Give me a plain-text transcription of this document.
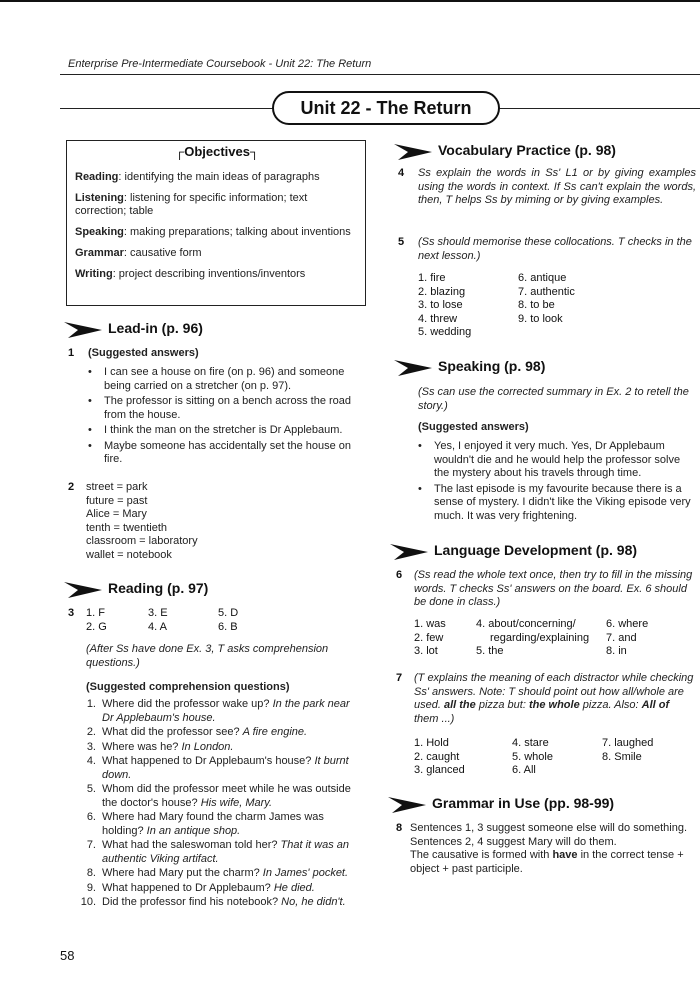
Enterprise Pre-Intermediate Coursebook - Unit 22: The Return
Unit 22 - The Return
┌Objectives┐
Reading: identifying the main ideas of paragraphs
Listening: listening for specific information; text correction; table
Speaking: making preparations; talking about inventions
Grammar: causative form
Writing: project describing inventions/inventors
Lead-in (p. 96)
1 (Suggested answers)
• I can see a house on fire (on p. 96) and someone being carried on a stretcher (on p. 97).
• The professor is sitting on a bench across the road from the house.
• I think the man on the stretcher is Dr Applebaum.
• Maybe someone has accidentally set the house on fire.
2 street = park
future = past
Alice = Mary
tenth = twentieth
classroom = laboratory
wallet = notebook
Reading (p. 97)
3 1. F	3. E	5. D
2. G	4. A	6. B
(After Ss have done Ex. 3, T asks comprehension questions.)
(Suggested comprehension questions)
1. Where did the professor wake up? In the park near Dr Applebaum's house.
2. What did the professor see? A fire engine.
3. Where was he? In London.
4. What happened to Dr Applebaum's house? It burnt down.
5. Whom did the professor meet while he was outside the doctor's house? His wife, Mary.
6. Where had Mary found the charm James was holding? In an antique shop.
7. What had the saleswoman told her? That it was an authentic Viking artifact.
8. Where had Mary put the charm? In James' pocket.
9. What happened to Dr Applebaum? He died.
10. Did the professor find his notebook? No, he didn't.
Vocabulary Practice (p. 98)
4 Ss explain the words in Ss' L1 or by giving examples using the words in context. If Ss can't explain the words, then, T helps Ss by miming or by giving examples.
5 (Ss should memorise these collocations. T checks in the next lesson.)
1. fire	6. antique
2. blazing	7. authentic
3. to lose	8. to be
4. threw	9. to look
5. wedding
Speaking (p. 98)
(Ss can use the corrected summary in Ex. 2 to retell the story.)
(Suggested answers)
• Yes, I enjoyed it very much. Yes, Dr Applebaum wouldn't die and he would help the professor solve the mystery about his travels through time.
• The last episode is my favourite because there is a sense of mystery. I didn't like the Viking episode very much. It was very frightening.
Language Development (p. 98)
6 (Ss read the whole text once, then try to fill in the missing words. T checks Ss' answers on the board. Ex. 6 should be done in class.)
1. was	4. about/concerning/	6. where
2. few	regarding/explaining	7. and
3. lot	5. the	8. in
7 (T explains the meaning of each distractor while checking Ss' answers. Note: T should point out how all/whole are used. all the pizza but: the whole pizza. Also: All of them ...)
1. Hold	4. stare	7. laughed
2. caught	5. whole	8. Smile
3. glanced	6. All
Grammar in Use (pp. 98-99)
8 Sentences 1, 3 suggest someone else will do something.
Sentences 2, 4 suggest Mary will do them.
The causative is formed with have in the correct tense + object + past participle.
58
